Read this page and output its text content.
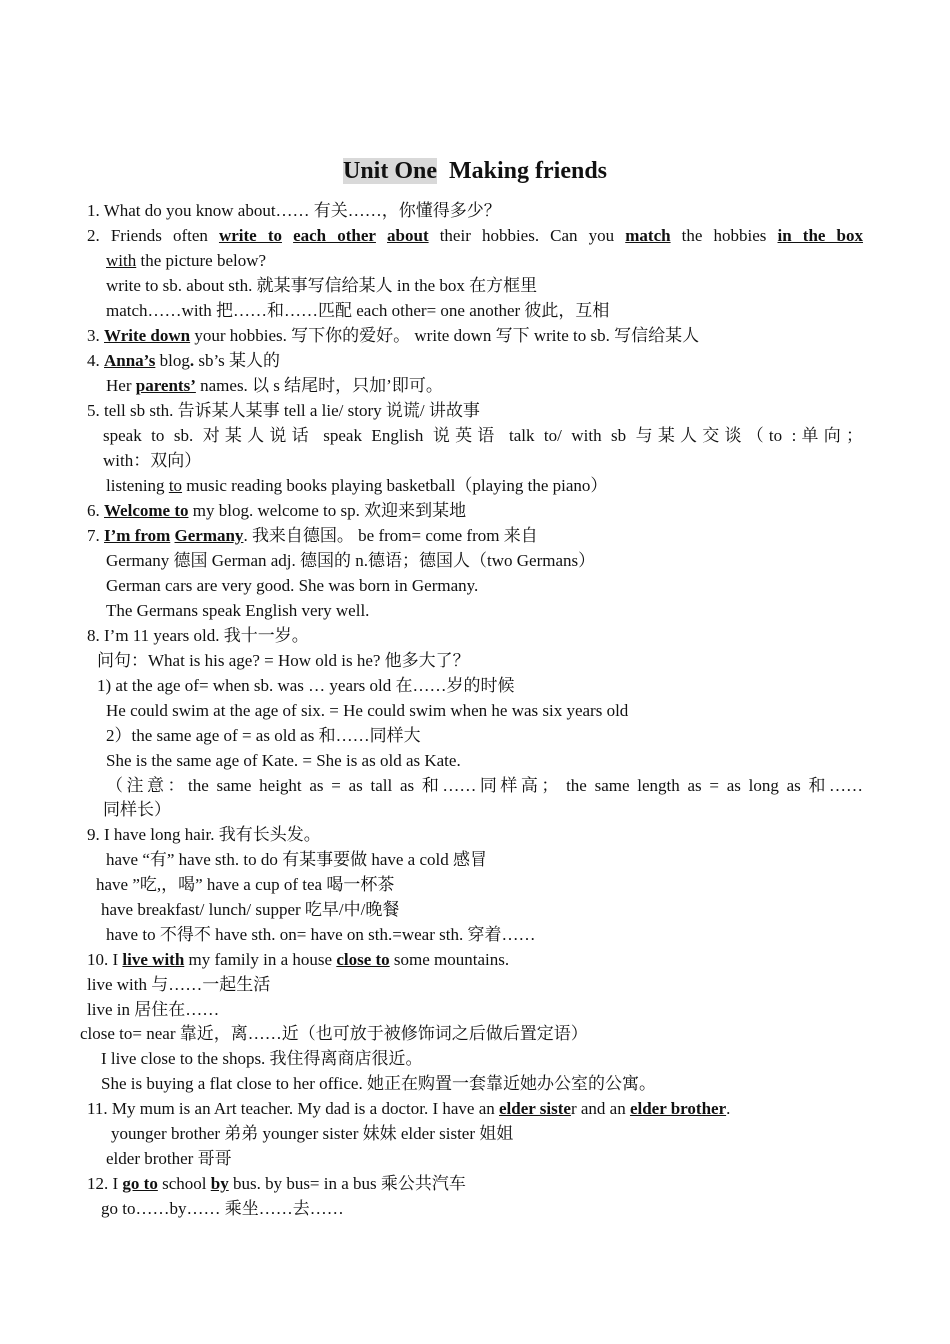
Unit One Making friends
1. What do you know about…… 有关……，你懂得多少？
2. Friends often write to each other about their hobbies. Can you match the hobbies in the box
with the picture below?
write to sb. about sth. 就某事写信给某人 in the box 在方框里
match……with 把……和……匹配 each other= one another 彼此，互相
3. Write down your hobbies. 写下你的爱好。 write down 写下 write to sb. 写信给某人
4. Anna’s blog. sb’s 某人的
Her parents’ names. 以 s 结尾时，只加’即可。
5. tell sb sth. 告诉某人某事 tell a lie/ story 说谎/ 讲故事
speak to sb. 对某人说话 speak English 说英语 talk to/ with sb 与某人交谈（to :单向；
with：双向）
listening to music reading books playing basketball（playing the piano）
6. Welcome to my blog. welcome to sp. 欢迎来到某地
7. I’m from Germany. 我来自德国。 be from= come from 来自
Germany 德国 German adj. 德国的 n.德语；德国人（two Germans）
German cars are very good. She was born in Germany.
The Germans speak English very well.
8. I’m 11 years old. 我十一岁。
问句：What is his age? = How old is he? 他多大了？
1) at the age of= when sb. was … years old 在……岁的时候
He could swim at the age of six. = He could swim when he was six years old
2）the same age of = as old as 和……同样大
She is the same age of Kate. = She is as old as Kate.
（注意：the same height as = as tall as 和……同样高； the same length as = as long as 和……
同样长）
9. I have long hair. 我有长头发。
have “有” have sth. to do 有某事要做 have a cold 感冒
have ”吃,，喝” have a cup of tea 喝一杯茶
have breakfast/ lunch/ supper 吃早/中/晚餐
have to 不得不 have sth. on= have on sth.=wear sth. 穿着……
10. I live with my family in a house close to some mountains.
live with 与……一起生活
live in 居住在……
close to= near 靠近，离……近（也可放于被修饰词之后做后置定语）
I live close to the shops. 我住得离商店很近。
She is buying a flat close to her office. 她正在购置一套靠近她办公室的公寓。
11. My mum is an Art teacher. My dad is a doctor. I have an elder sister and an elder brother.
younger brother 弟弟 younger sister 妹妹 elder sister 姐姐
elder brother 哥哥
12. I go to school by bus. by bus= in a bus 乘公共汽车
go to……by…… 乘坐……去……
